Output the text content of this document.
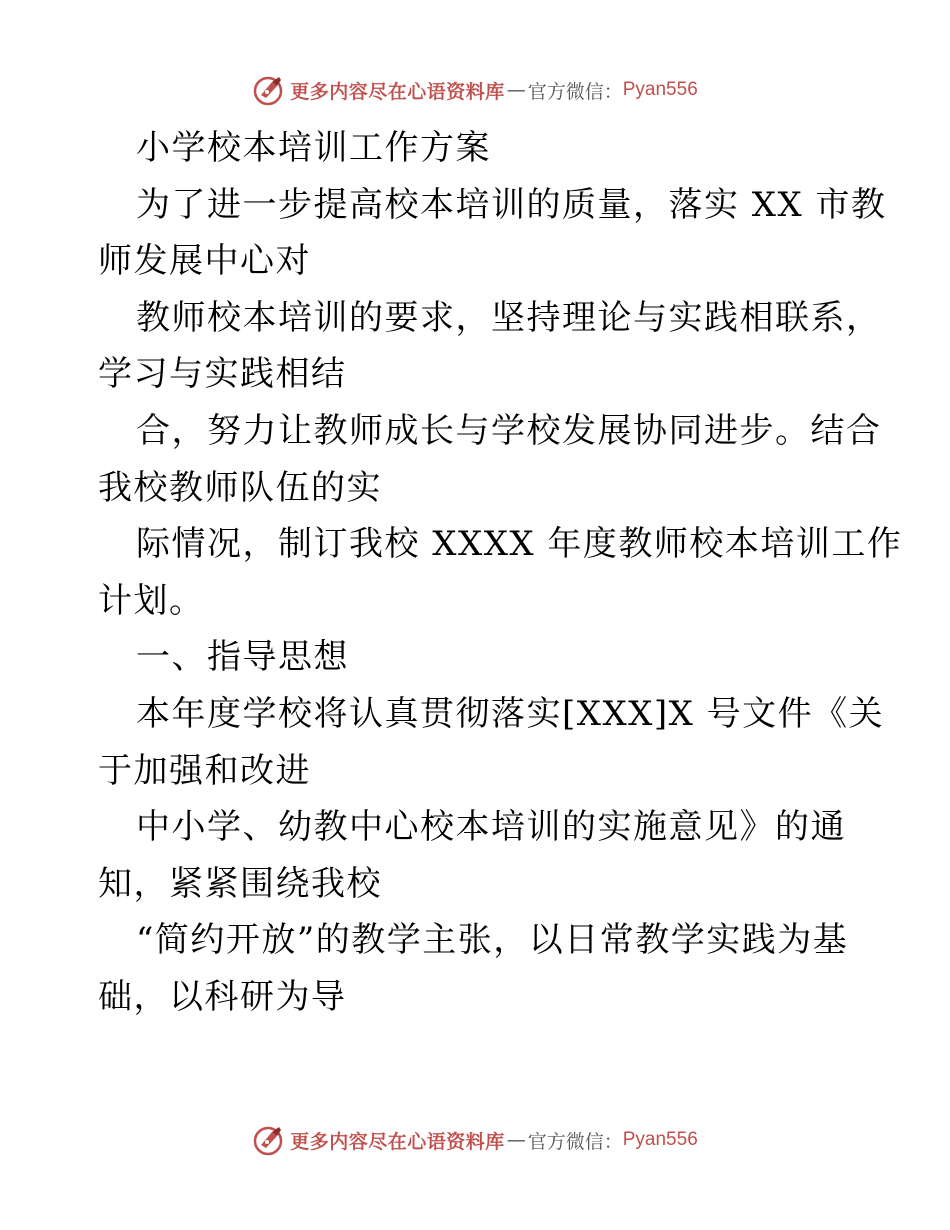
更多内容尽在心语资料库 — 官方微信： Pyan556
小学校本培训工作方案
为了进一步提高校本培训的质量，落实 XX 市教
师发展中心对
教师校本培训的要求，坚持理论与实践相联系，
学习与实践相结
合，努力让教师成长与学校发展协同进步。结合
我校教师队伍的实
际情况，制订我校 XXXX 年度教师校本培训工作
计划。
一、指导思想
本年度学校将认真贯彻落实[XXX]X 号文件《关
于加强和改进
中小学、幼教中心校本培训的实施意见》的通
知，紧紧围绕我校
“简约开放”的教学主张，以日常教学实践为基
础，以科研为导
更多内容尽在心语资料库 — 官方微信： Pyan556
